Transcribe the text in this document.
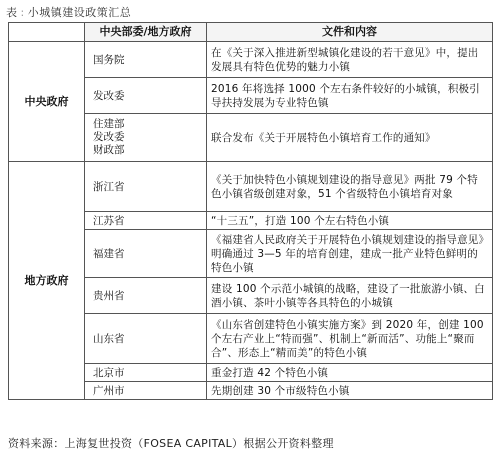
表 : 小城镇建设政策汇总
	中央部委/地方政府	文件和内容
中央政府	国务院	在《关于深入推进新型城镇化建设的若干意见》中，提出发展具有特色优势的魅力小镇
	发改委	2016 年将选择 1000 个左右条件较好的小城镇，积极引导扶持发展为专业特色镇

	住建部
发改委
财政部	联合发布《关于开展特色小镇培育工作的通知》
地方政府	浙江省	《关于加快特色小镇规划建设的指导意见》两批 79 个特色小镇省级创建对象，51 个省级特色小镇培育对象
	江苏省	“十三五”，打造 100 个左右特色小镇
	福建省	《福建省人民政府关于开展特色小镇规划建设的指导意见》明确通过 3—5 年的培育创建，建成一批产业特色鲜明的特色小镇
	贵州省	建设 100 个示范小城镇的战略，建设了一批旅游小镇、白酒小镇、茶叶小镇等各具特色的小城镇
	山东省	《山东省创建特色小镇实施方案》到 2020 年，创建 100 个左右产业上“特而强”、机制上“新而活”、功能上“聚而合”、形态上“精而美”的特色小镇
	北京市	重金打造 42 个特色小镇
	广州市	先期创建 30 个市级特色小镇
资料来源：上海复世投资（FOSEA CAPITAL）根据公开资料整理
